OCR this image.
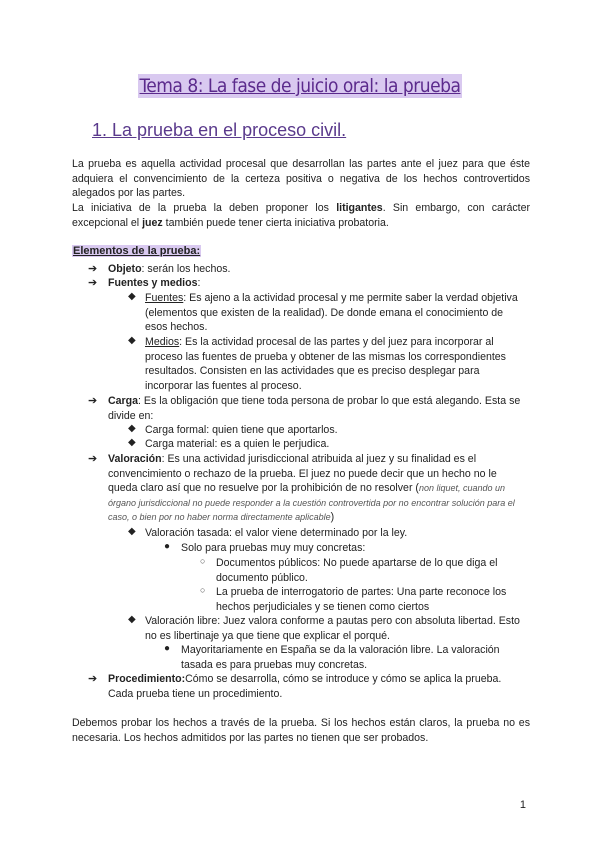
Tema 8: La fase de juicio oral: la prueba
1. La prueba en el proceso civil.
La prueba es aquella actividad procesal que desarrollan las partes ante el juez para que éste adquiera el convencimiento de la certeza positiva o negativa de los hechos controvertidos alegados por las partes.
La iniciativa de la prueba la deben proponer los litigantes. Sin embargo, con carácter excepcional el juez también puede tener cierta iniciativa probatoria.
Elementos de la prueba:
➔ Objeto: serán los hechos.
➔ Fuentes y medios:
◆ Fuentes: Es ajeno a la actividad procesal y me permite saber la verdad objetiva (elementos que existen de la realidad). De donde emana el conocimiento de esos hechos.
◆ Medios: Es la actividad procesal de las partes y del juez para incorporar al proceso las fuentes de prueba y obtener de las mismas los correspondientes resultados. Consisten en las actividades que es preciso desplegar para incorporar las fuentes al proceso.
➔ Carga: Es la obligación que tiene toda persona de probar lo que está alegando. Esta se divide en:
◆ Carga formal: quien tiene que aportarlos.
◆ Carga material: es a quien le perjudica.
➔ Valoración: Es una actividad jurisdiccional atribuida al juez y su finalidad es el convencimiento o rechazo de la prueba. El juez no puede decir que un hecho no le queda claro así que no resuelve por la prohibición de no resolver (non liquet, cuando un órgano jurisdiccional no puede responder a la cuestión controvertida por no encontrar solución para el caso, o bien por no haber norma directamente aplicable)
◆ Valoración tasada: el valor viene determinado por la ley.
● Solo para pruebas muy muy concretas:
○ Documentos públicos: No puede apartarse de lo que diga el documento público.
○ La prueba de interrogatorio de partes: Una parte reconoce los hechos perjudiciales y se tienen como ciertos
◆ Valoración libre: Juez valora conforme a pautas pero con absoluta libertad. Esto no es libertinaje ya que tiene que explicar el porqué.
● Mayoritariamente en España se da la valoración libre. La valoración tasada es para pruebas muy concretas.
➔ Procedimiento:Cómo se desarrolla, cómo se introduce y cómo se aplica la prueba. Cada prueba tiene un procedimiento.
Debemos probar los hechos a través de la prueba. Si los hechos están claros, la prueba no es necesaria. Los hechos admitidos por las partes no tienen que ser probados.
1
